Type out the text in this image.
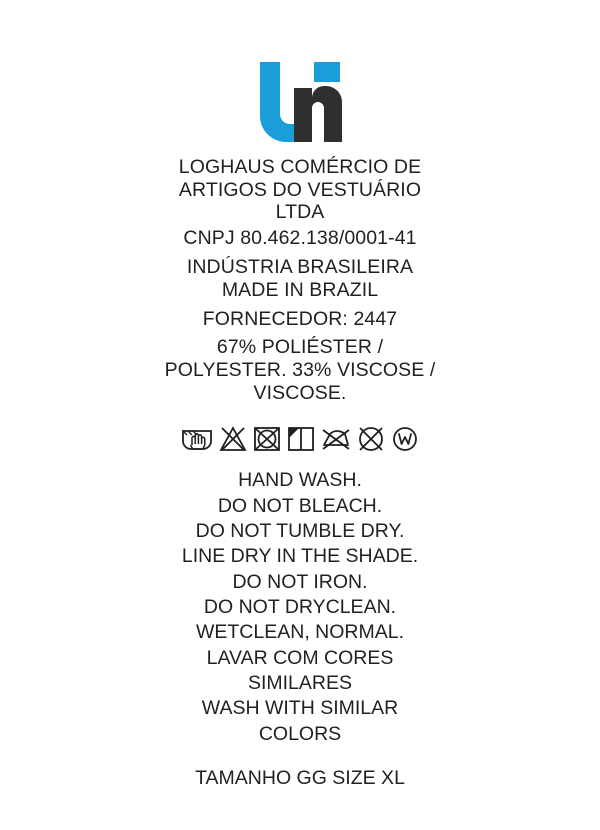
LOGHAUS COMÉRCIO DE
ARTIGOS DO VESTUÁRIO
LTDA
CNPJ 80.462.138/0001-41
INDÚSTRIA BRASILEIRA
MADE IN BRAZIL
FORNECEDOR: 2447
67% POLIÉSTER /
POLYESTER. 33% VISCOSE /
VISCOSE.
HAND WASH.
DO NOT BLEACH.
DO NOT TUMBLE DRY.
LINE DRY IN THE SHADE.
DO NOT IRON.
DO NOT DRYCLEAN.
WETCLEAN, NORMAL.
LAVAR COM CORES
SIMILARES
WASH WITH SIMILAR
COLORS
TAMANHO GG SIZE XL
